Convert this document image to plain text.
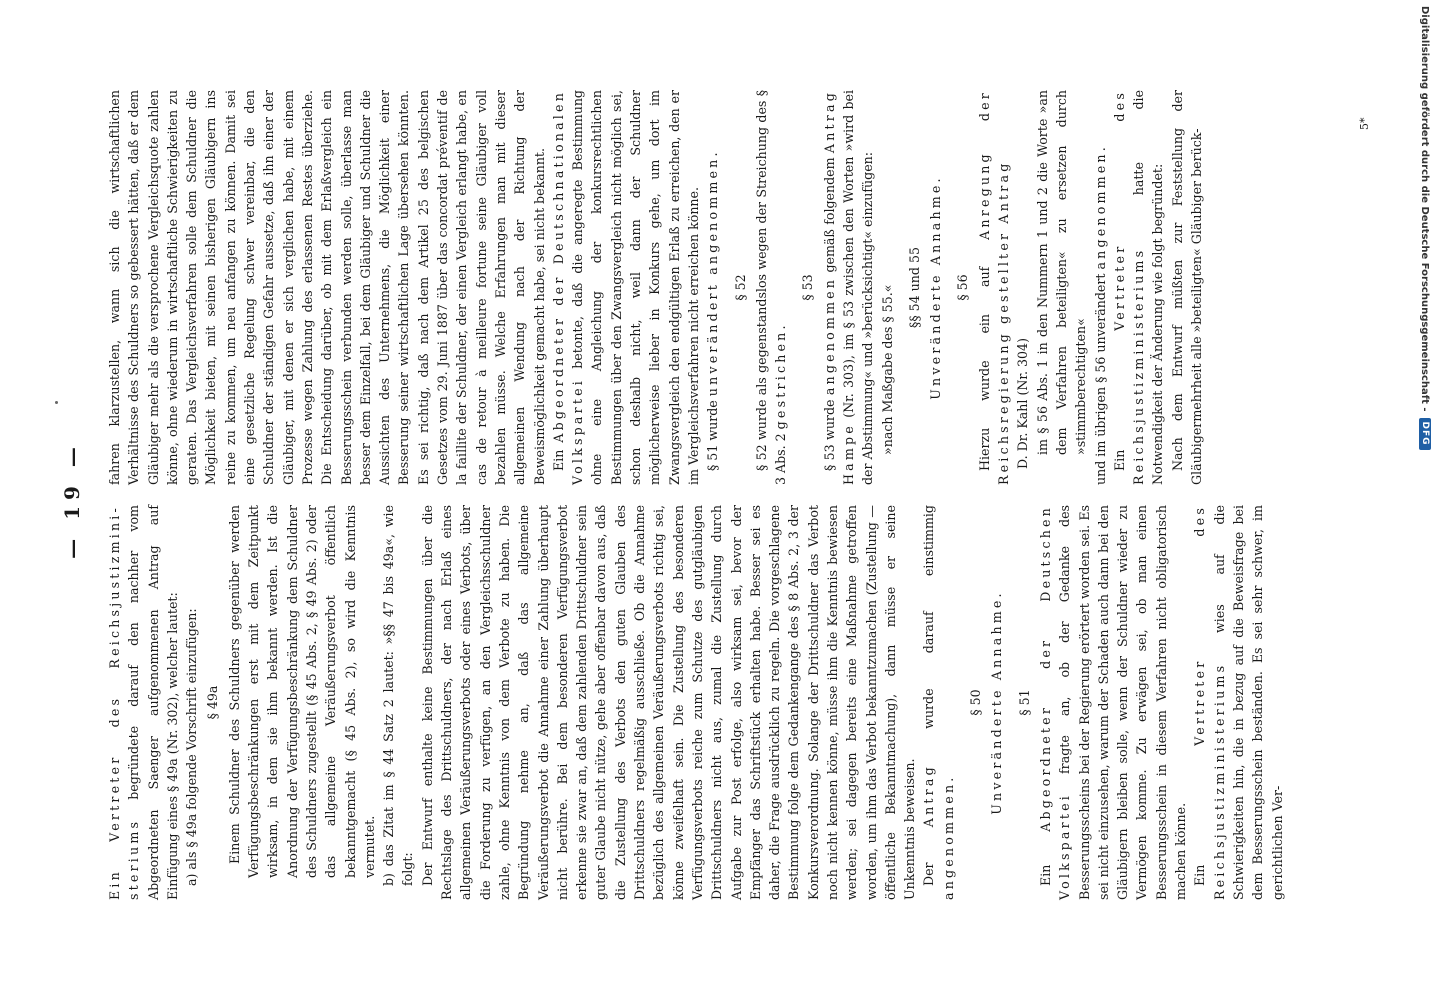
— 19 —

Ein Vertreter des Reichsjustizmini-steriums begründete darauf den nachher vom Abgeordneten Saenger aufgenommenen Antrag auf Einfügung eines § 49a (Nr. 302), welcher lautet: a) als § 49a folgende Vorschrift einzufügen: § 49a Einem Schuldner des Schuldners gegenüber werden Verfügungsbeschränkungen erst mit dem Zeitpunkt wirksam, in dem sie ihm bekannt werden. Ist die Anordnung der Verfügungsbeschränkung dem Schuldner des Schuldners zugestellt (§ 45 Abs. 2, § 49 Abs. 2) oder das allgemeine Veräußerungsverbot öffentlich bekanntgemacht (§ 45 Abs. 2), so wird die Kenntnis vermutet. b) das Zitat im § 44 Satz 2 lautet: »§§ 47 bis 49a«, wie folgt: Der Entwurf enthalte keine Bestimmungen über die Rechtslage des Drittschuldners, der nach Erlaß eines allgemeinen Veräußerungsverbots oder eines Verbots, über die Forderung zu verfügen, an den Vergleichsschuldner zahle, ohne Kenntnis von dem Verbote zu haben. Die Begründung nehme an, daß das allgemeine Veräußerungsverbot die Annahme einer Zahlung überhaupt nicht berühre. Bei dem besonderen Verfügungsverbot erkenne sie zwar an, daß dem zahlenden Drittschuldner sein guter Glaube nicht nütze, gehe aber offenbar davon aus, daß die Zustellung des Verbots den guten Glauben des Drittschuldners regelmäßig ausschließe. Ob die Annahme bezüglich des allgemeinen Veräußerungsverbots richtig sei, könne zweifelhaft sein. Die Zustellung des besonderen Verfügungsverbots reiche zum Schutze des gutgläubigen Drittschuldners nicht aus, zumal die Zustellung durch Aufgabe zur Post erfolge, also wirksam sei, bevor der Empfänger das Schriftstück erhalten habe. Besser sei es daher, die Frage ausdrücklich zu regeln. Die vorgeschlagene Bestimmung folge dem Gedankengange des § 8 Abs. 2, 3 der Konkursverordnung. Solange der Drittschuldner das Verbot noch nicht kennen könne, müsse ihm die Kenntnis bewiesen werden; sei dagegen bereits eine Maßnahme getroffen worden, um ihm das Verbot bekanntzumachen (Zustellung — öffentliche Bekanntmachung), dann müsse er seine Unkenntnis beweisen. Der Antrag wurde darauf einstimmig angenommen.

§ 50 Unveränderte Annahme. § 51

Ein Abgeordneter der Deutschen Volkspartei fragte an, ob der Gedanke des Besserungsscheins bei der Regierung erörtert worden sei. Es sei nicht einzusehen, warum der Schaden auch dann bei den Gläubigern bleiben solle, wenn der Schuldner wieder zu Vermögen komme. Zu erwägen sei, ob man einen Besserungsschein in diesem Verfahren nicht obligatorisch machen könne. Ein Vertreter des Reichsjustizministeriums wies auf die Schwierigkeiten hin, die in bezug auf die Beweisfrage bei dem Besserungsschein beständen. Es sei sehr schwer, im gerichtlichen Ver-

fahren klarzustellen, wann sich die wirtschaftlichen Verhältnisse des Schuldners so gebessert hätten, daß er dem Gläubiger mehr als die versprochene Vergleichsquote zahlen könne, ohne wiederum in wirtschaftliche Schwierigkeiten zu geraten. Das Vergleichsverfahren solle dem Schuldner die Möglichkeit bieten, mit seinen bisherigen Gläubigern ins reine zu kommen, um neu anfangen zu können. Damit sei eine gesetzliche Regelung schwer vereinbar, die den Schuldner der ständigen Gefahr aussetze, daß ihn einer der Gläubiger, mit denen er sich verglichen habe, mit einem Prozesse wegen Zahlung des erlassenen Restes überziehe. Die Entscheidung darüber, ob mit dem Erlaßvergleich ein Besserungsschein verbunden werden solle, überlasse man besser dem Einzelfall, bei dem Gläubiger und Schuldner die Aussichten des Unternehmens, die Möglichkeit einer Besserung seiner wirtschaftlichen Lage übersehen könnten. Es sei richtig, daß nach dem Artikel 25 des belgischen Gesetzes vom 29. Juni 1887 über das concordat préventif de la faillite der Schuldner, der einen Vergleich erlangt habe, en cas de retour à meilleure fortune seine Gläubiger voll bezahlen müsse. Welche Erfahrungen man mit dieser allgemeinen Wendung nach der Richtung der Beweismöglichkeit gemacht habe, sei nicht bekannt. Ein Abgeordneter der Deutschnationalen Volkspartei betonte, daß die angeregte Bestimmung ohne eine Angleichung der konkursrechtlichen Bestimmungen über den Zwangsvergleich nicht möglich sei, schon deshalb nicht, weil dann der Schuldner möglicherweise lieber in Konkurs gehe, um dort im Zwangsvergleich den endgültigen Erlaß zu erreichen, den er im Vergleichsverfahren nicht erreichen könne. § 51 wurde unverändert angenommen. § 52 § 52 wurde als gegenstandslos wegen der Streichung des § 3 Abs. 2 gestrichen.

§ 53

§ 53 wurde angenommen gemäß folgendem Antrag Hampe (Nr. 303), im § 53 zwischen den Worten »wird bei der Abstimmung« und »berücksichtigt« einzufügen: »nach Maßgabe des § 55.« §§ 54 und 55 Unveränderte Annahme. § 56 Hierzu wurde ein auf Anregung der Reichsregierung gestellter Antrag D. Dr. Kahl (Nr. 304) im § 56 Abs. 1 in den Nummern 1 und 2 die Worte »an dem Verfahren beteiligten« zu ersetzen durch »stimmberechtigten« und im übrigen § 56 unverändert angenommen.

Ein Vertreter des Reichsjustizministeriums hatte die Notwendigkeit der Änderung wie folgt begründet: Nach dem Entwurf müßten zur Feststellung der Gläubigermehrheit alle »beteiligten« Gläubiger berück-

5*	Digitalisierung gefördert durch die Deutsche Forschungsgemeinschaft -
DFG
